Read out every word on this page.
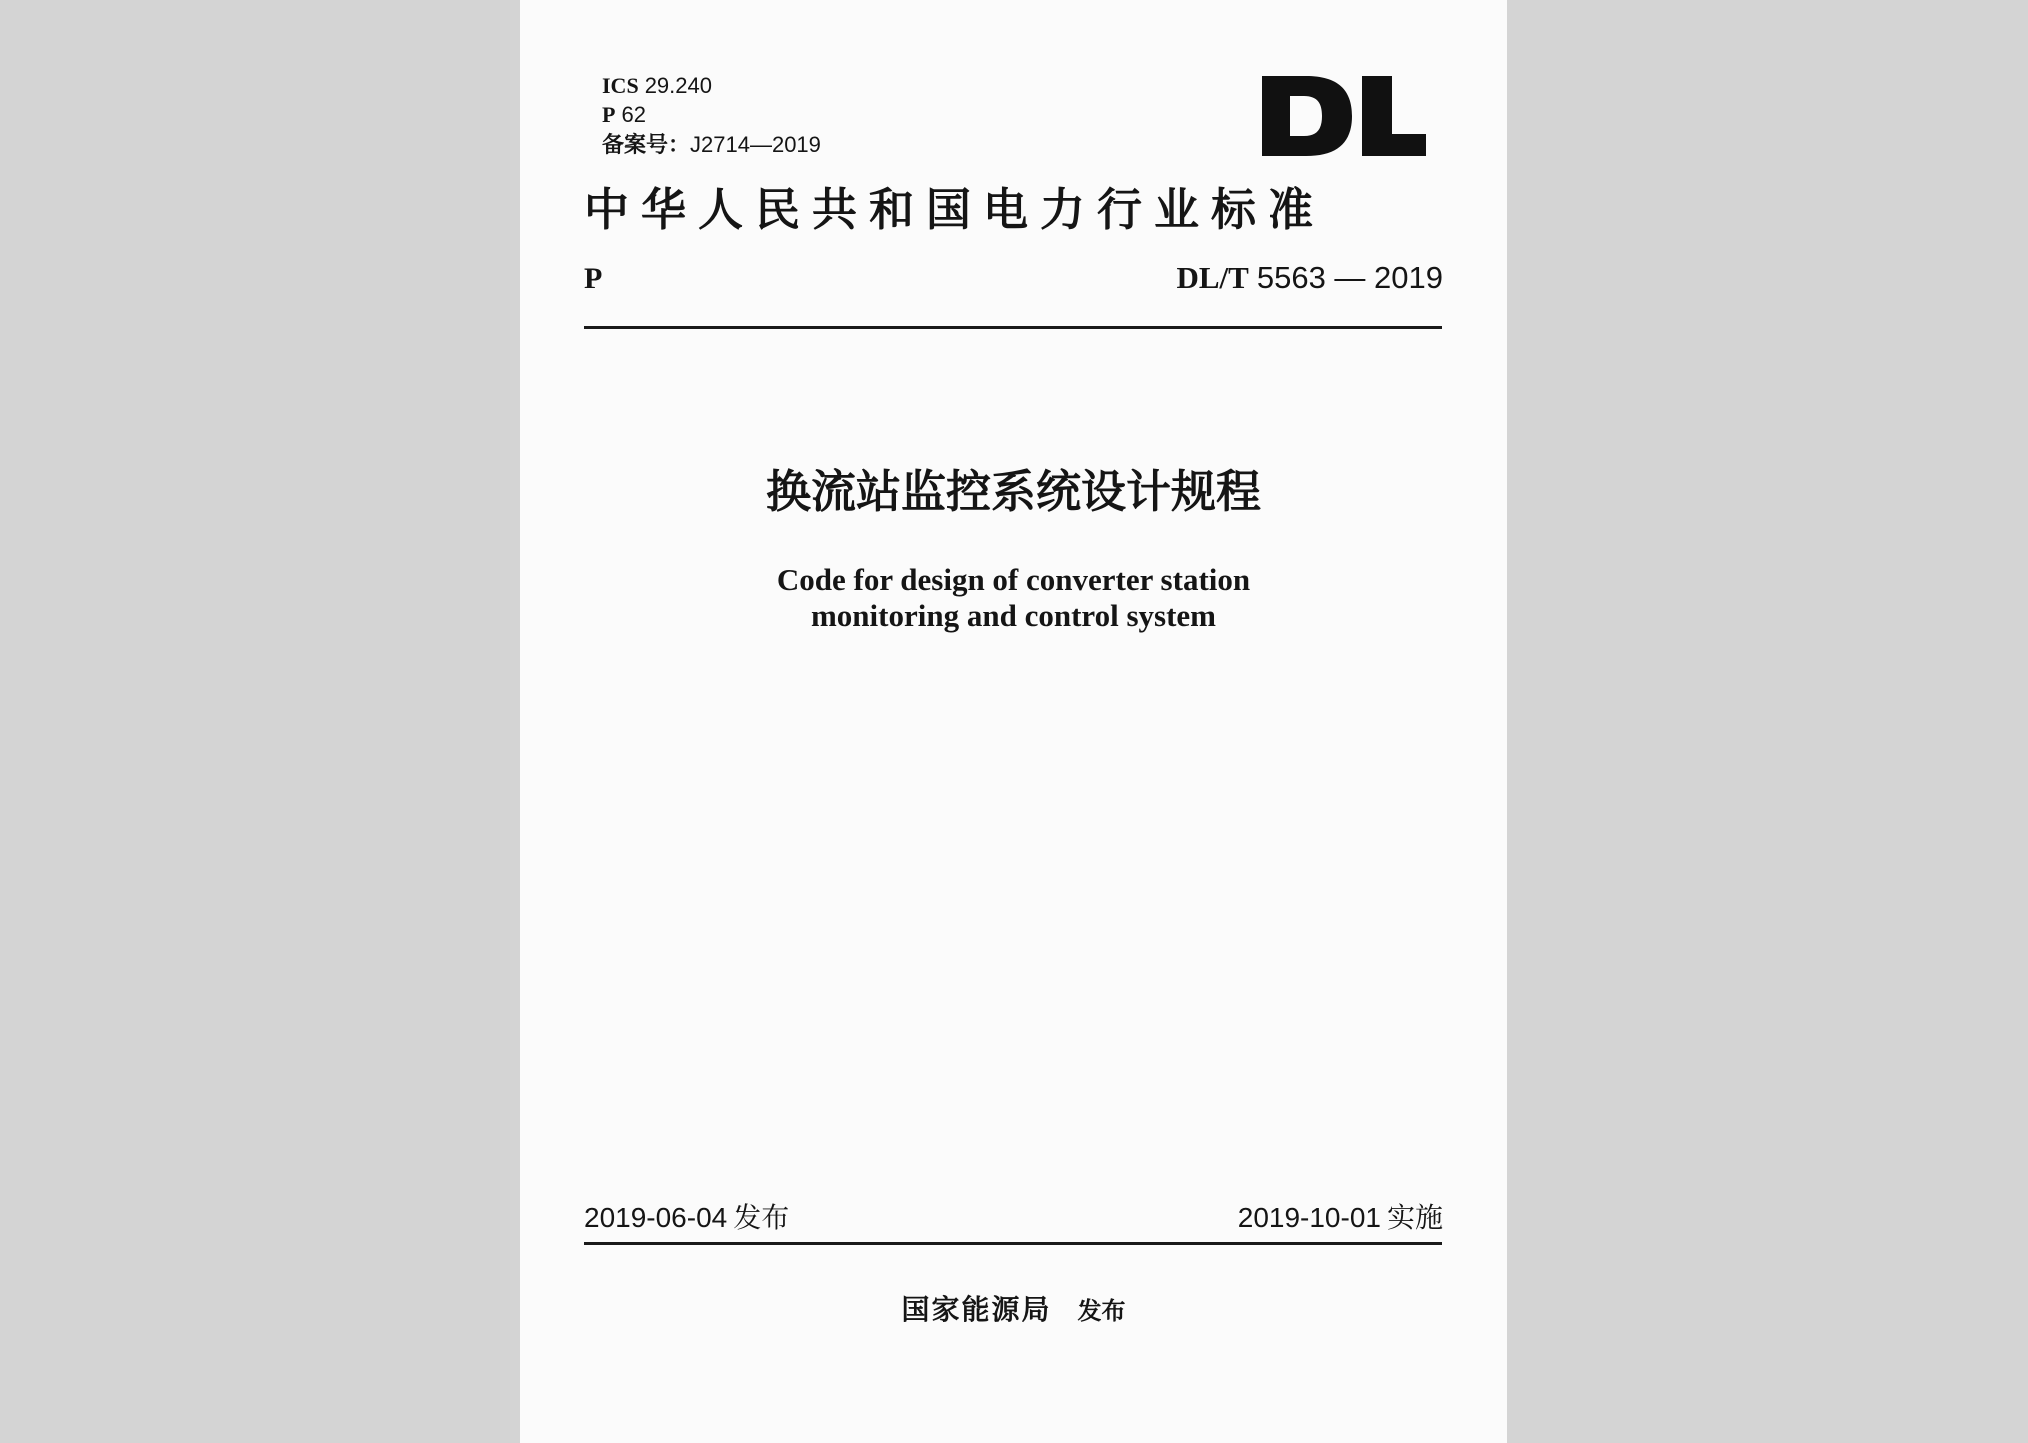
ICS 29.240
P 62
备案号：J2714—2019
中华人民共和国电力行业标准
P	DL/T 5563 — 2019
换流站监控系统设计规程
Code for design of converter station
monitoring and control system
2019-06-04 发布	2019-10-01 实施
国家能源局 发布
